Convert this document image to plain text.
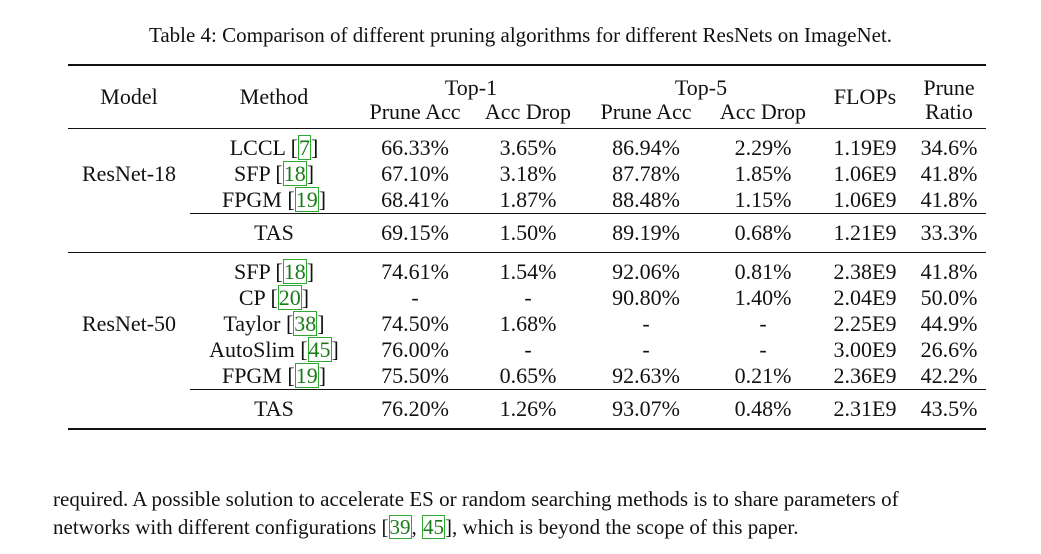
Table 4: Comparison of different pruning algorithms for different ResNets on ImageNet.
Model	Method	Top-1		Top-5		FLOPs	Prune
		Prune Acc	Acc Drop	Prune Acc	Acc Drop		Ratio
ResNet-18	LCCL [7]	66.33%	3.65%	86.94%	2.29%	1.19E9	34.6%
	SFP [18]	67.10%	3.18%	87.78%	1.85%	1.06E9	41.8%
	FPGM [19]	68.41%	1.87%	88.48%	1.15%	1.06E9	41.8%
	TAS	69.15%	1.50%	89.19%	0.68%	1.21E9	33.3%
ResNet-50	SFP [18]	74.61%	1.54%	92.06%	0.81%	2.38E9	41.8%
	CP [20]	-	-	90.80%	1.40%	2.04E9	50.0%
	Taylor [38]	74.50%	1.68%	-	-	2.25E9	44.9%
	AutoSlim [45]	76.00%	-	-	-	3.00E9	26.6%
	FPGM [19]	75.50%	0.65%	92.63%	0.21%	2.36E9	42.2%
	TAS	76.20%	1.26%	93.07%	0.48%	2.31E9	43.5%
required. A possible solution to accelerate ES or random searching methods is to share parameters of
networks with different configurations [39, 45], which is beyond the scope of this paper.
